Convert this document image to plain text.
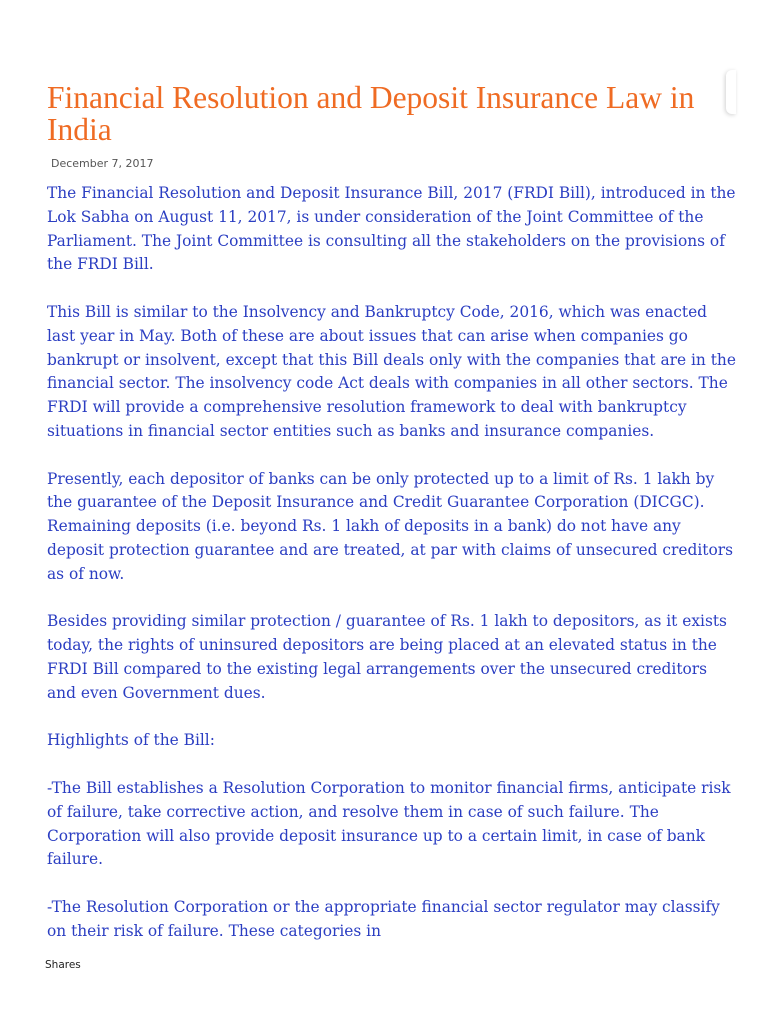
Financial Resolution and Deposit Insurance Law in India
December 7, 2017

The Financial Resolution and Deposit Insurance Bill, 2017 (FRDI Bill), introduced in the Lok Sabha on August 11, 2017, is under consideration of the Joint Committee of the Parliament. The Joint Committee is consulting all the stakeholders on the provisions of the FRDI Bill.

This Bill is similar to the Insolvency and Bankruptcy Code, 2016, which was enacted last year in May. Both of these are about issues that can arise when companies go bankrupt or insolvent, except that this Bill deals only with the companies that are in the financial sector. The insolvency code Act deals with companies in all other sectors. The FRDI will provide a comprehensive resolution framework to deal with bankruptcy situations in financial sector entities such as banks and insurance companies.

Presently, each depositor of banks can be only protected up to a limit of Rs. 1 lakh by the guarantee of the Deposit Insurance and Credit Guarantee Corporation (DICGC). Remaining deposits (i.e. beyond Rs. 1 lakh of deposits in a bank) do not have any deposit protection guarantee and are treated, at par with claims of unsecured creditors as of now.

Besides providing similar protection / guarantee of Rs. 1 lakh to depositors, as it exists today, the rights of uninsured depositors are being placed at an elevated status in the FRDI Bill compared to the existing legal arrangements over the unsecured creditors and even Government dues.

Highlights of the Bill:

-The Bill establishes a Resolution Corporation to monitor financial firms, anticipate risk of failure, take corrective action, and resolve them in case of such failure. The Corporation will also provide deposit insurance up to a certain limit, in case of bank failure.

-The Resolution Corporation or the appropriate financial sector regulator may classify on their risk of failure. These categories in

Shares
